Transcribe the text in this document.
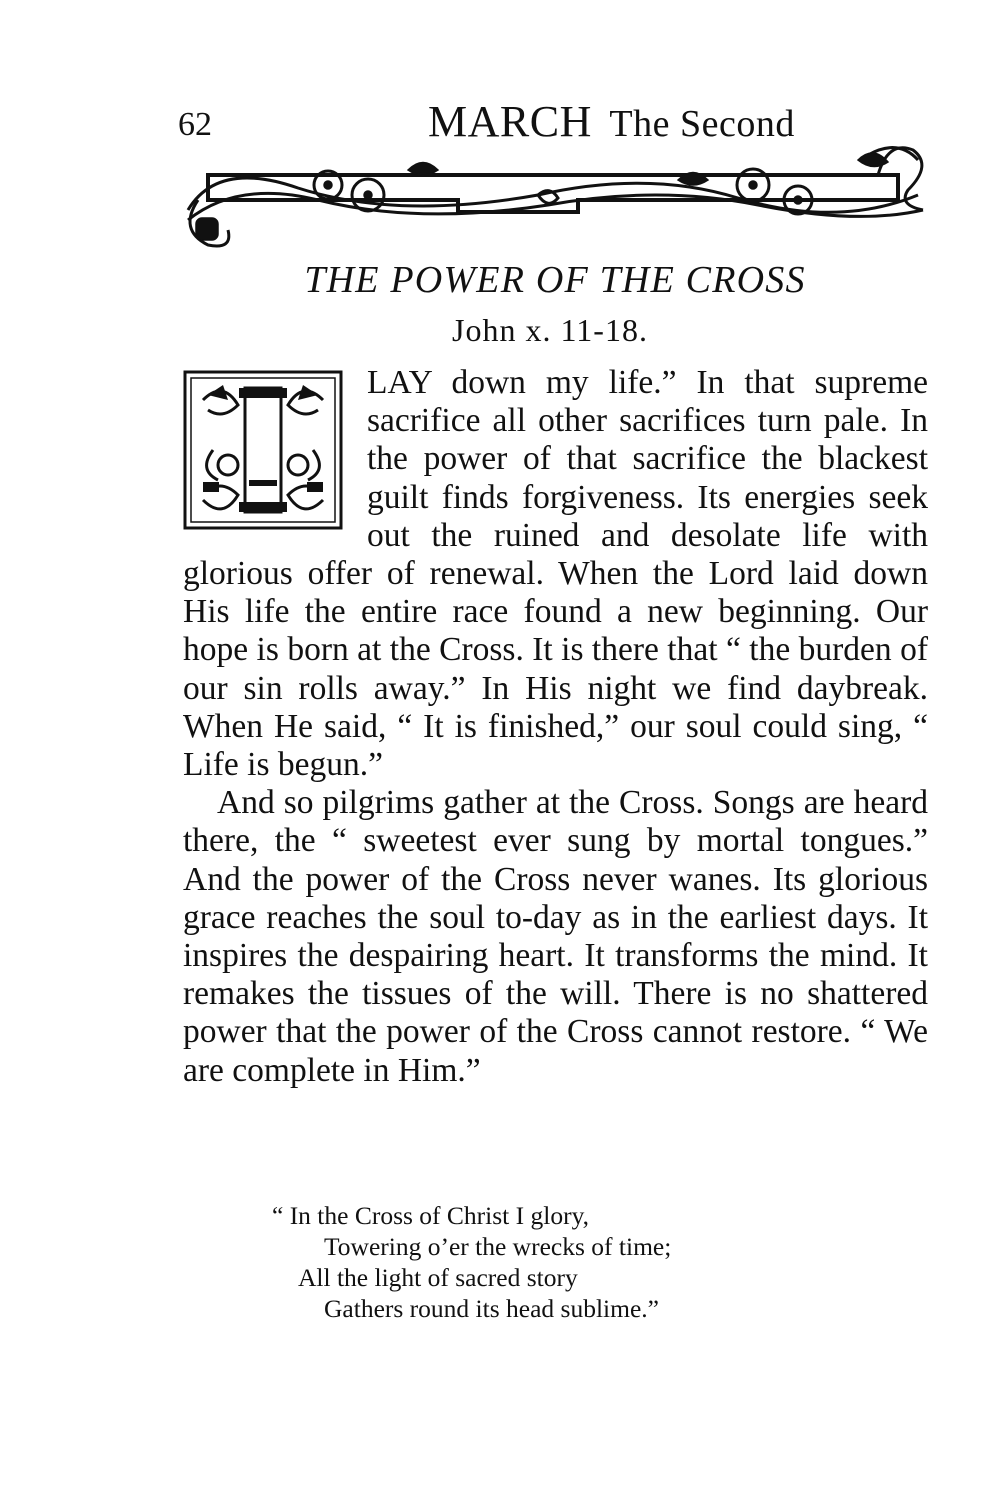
62	MARCH The Second
THE POWER OF THE CROSS
John x. 11-18.

LAY down my life.” In that supreme sacrifice all other sacrifices turn pale. In the power of that sacrifice the blackest guilt finds forgiveness. Its energies seek out the ruined and desolate life with glorious offer of renewal. When the Lord laid down His life the entire race found a new beginning. Our hope is born at the Cross. It is there that “ the burden of our sin rolls away.” In His night we find daybreak. When He said, “ It is finished,” our soul could sing, “ Life is begun.”

And so pilgrims gather at the Cross. Songs are heard there, the “ sweetest ever sung by mortal tongues.” And the power of the Cross never wanes. Its glorious grace reaches the soul to-day as in the earliest days. It inspires the despairing heart. It transforms the mind. It remakes the tissues of the will. There is no shattered power that the power of the Cross cannot restore. “ We are complete in Him.”

“ In the Cross of Christ I glory,
Towering o’er the wrecks of time;
All the light of sacred story
Gathers round its head sublime.”
